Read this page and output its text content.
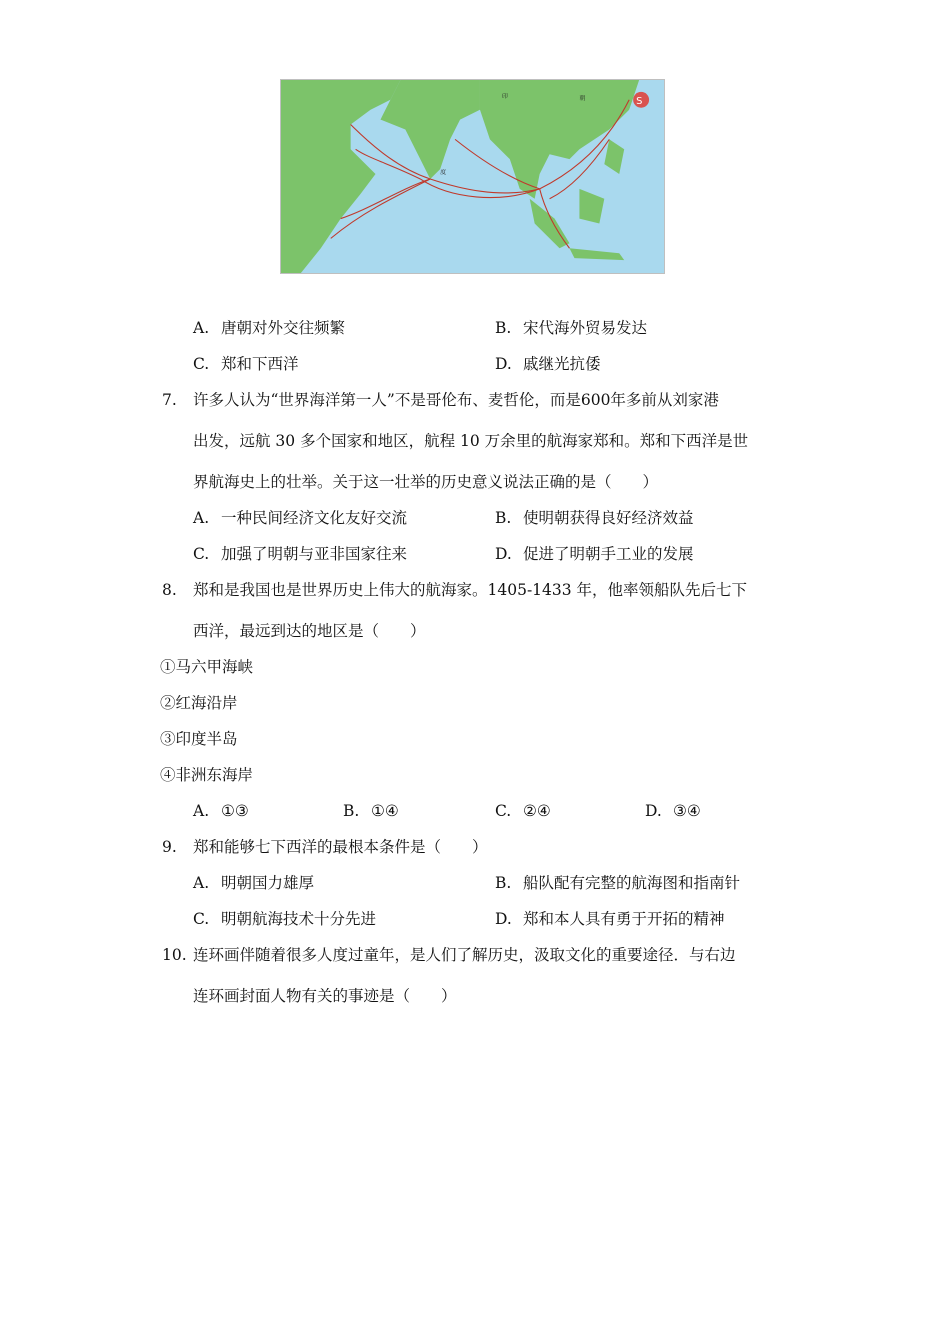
印	朝
度
S
A. 唐朝对外交往频繁	B. 宋代海外贸易发达
C. 郑和下西洋	D. 戚继光抗倭
7. 许多人认为“世界海洋第一人”不是哥伦布、麦哲伦，而是600年多前从刘家港
出发，远航 30 多个国家和地区，航程 10 万余里的航海家郑和。郑和下西洋是世
界航海史上的壮举。关于这一壮举的历史意义说法正确的是（　　）
A. 一种民间经济文化友好交流	B. 使明朝获得良好经济效益
C. 加强了明朝与亚非国家往来	D. 促进了明朝手工业的发展
8. 郑和是我国也是世界历史上伟大的航海家。1405-1433 年，他率领船队先后七下
西洋，最远到达的地区是（　　）
①马六甲海峡
②红海沿岸
③印度半岛
④非洲东海岸
A. ①③	B. ①④	C. ②④	D. ③④
9. 郑和能够七下西洋的最根本条件是（　　）
A. 明朝国力雄厚	B. 船队配有完整的航海图和指南针
C. 明朝航海技术十分先进	D. 郑和本人具有勇于开拓的精神
10. 连环画伴随着很多人度过童年，是人们了解历史，汲取文化的重要途径．与右边
连环画封面人物有关的事迹是（　　）
